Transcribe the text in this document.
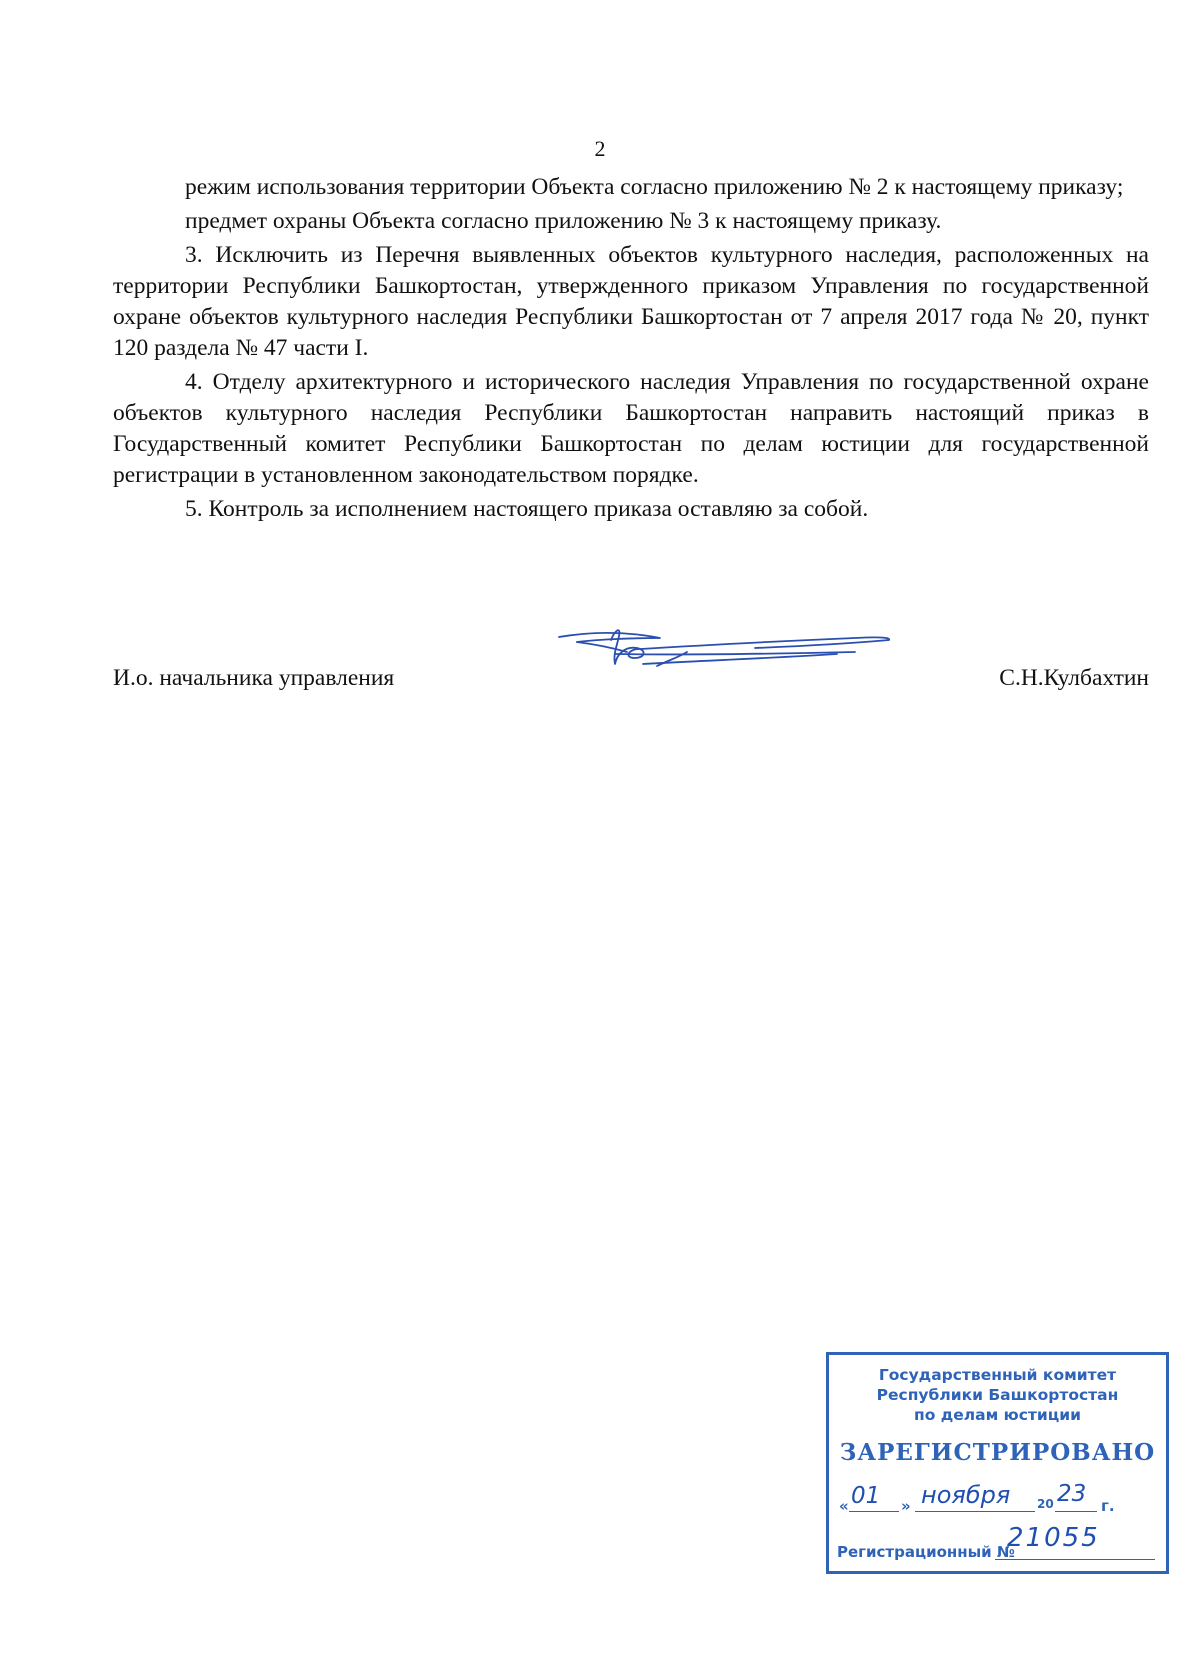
2

режим использования территории Объекта согласно приложению № 2 к настоящему приказу;

предмет охраны Объекта согласно приложению № 3 к настоящему приказу.

3. Исключить из Перечня выявленных объектов культурного наследия, расположенных на территории Республики Башкортостан, утвержденного приказом Управления по государственной охране объектов культурного наследия Республики Башкортостан от 7 апреля 2017 года № 20, пункт 120 раздела № 47 части I.

4. Отделу архитектурного и исторического наследия Управления по государственной охране объектов культурного наследия Республики Башкортостан направить настоящий приказ в Государственный комитет Республики Башкортостан по делам юстиции для государственной регистрации в установленном законодательством порядке.

5. Контроль за исполнением настоящего приказа оставляю за собой.

И.о. начальника управления	С.Н.Кулбахтин
Государственный комитет
Республики Башкортостан
по делам юстиции
ЗАРЕГИСТРИРОВАНО
« 01 » ноября 20 23 г.
Регистрационный №
21055
